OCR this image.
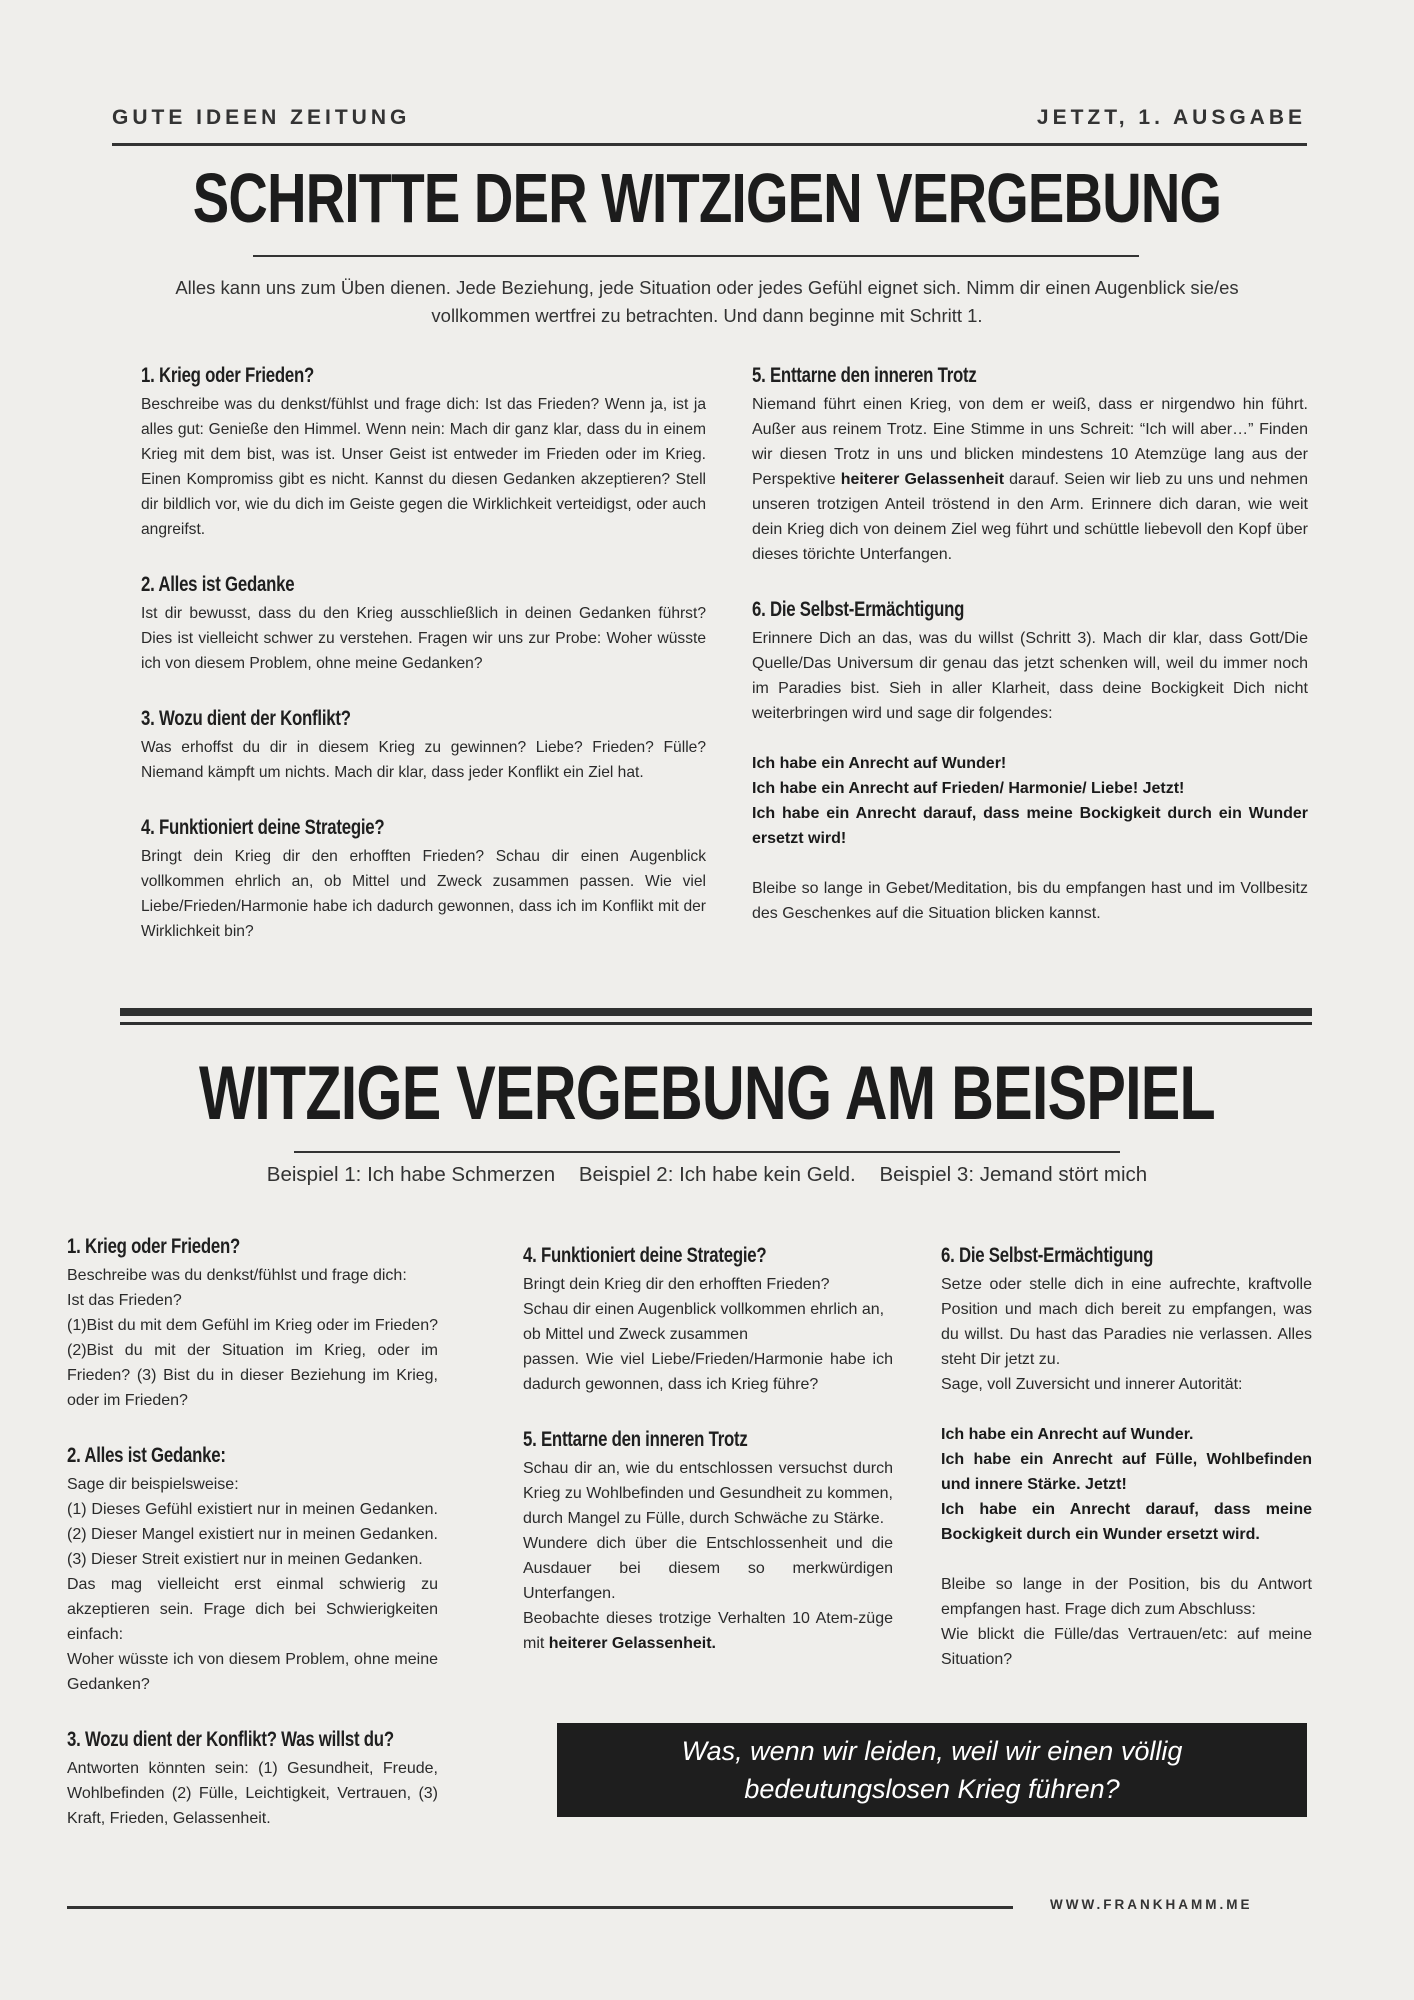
GUTE IDEEN ZEITUNG	JETZT, 1. AUSGABE
SCHRITTE DER WITZIGEN VERGEBUNG
Alles kann uns zum Üben dienen. Jede Beziehung, jede Situation oder jedes Gefühl eignet sich. Nimm dir einen Augenblick sie/es vollkommen wertfrei zu betrachten. Und dann beginne mit Schritt 1.
1. Krieg oder Frieden?

Beschreibe was du denkst/fühlst und frage dich: Ist das Frieden? Wenn ja, ist ja alles gut: Genieße den Himmel. Wenn nein: Mach dir ganz klar, dass du in einem Krieg mit dem bist, was ist. Unser Geist ist entweder im Frieden oder im Krieg. Einen Kompromiss gibt es nicht. Kannst du diesen Gedanken akzeptieren? Stell dir bildlich vor, wie du dich im Geiste gegen die Wirklichkeit verteidigst, oder auch angreifst.

2. Alles ist Gedanke

Ist dir bewusst, dass du den Krieg ausschließlich in deinen Gedanken führst? Dies ist vielleicht schwer zu verstehen. Fragen wir uns zur Probe: Woher wüsste ich von diesem Problem, ohne meine Gedanken?

3. Wozu dient der Konflikt?

Was erhoffst du dir in diesem Krieg zu gewinnen? Liebe? Frieden? Fülle? Niemand kämpft um nichts. Mach dir klar, dass jeder Konflikt ein Ziel hat.

4. Funktioniert deine Strategie?

Bringt dein Krieg dir den erhofften Frieden? Schau dir einen Augenblick vollkommen ehrlich an, ob Mittel und Zweck zusammen passen. Wie viel Liebe/Frieden/Harmonie habe ich dadurch gewonnen, dass ich im Konflikt mit der Wirklichkeit bin?

5. Enttarne den inneren Trotz

Niemand führt einen Krieg, von dem er weiß, dass er nirgendwo hin führt. Außer aus reinem Trotz. Eine Stimme in uns Schreit: “Ich will aber…” Finden wir diesen Trotz in uns und blicken mindestens 10 Atemzüge lang aus der Perspektive heiterer Gelassenheit darauf. Seien wir lieb zu uns und nehmen unseren trotzigen Anteil tröstend in den Arm. Erinnere dich daran, wie weit dein Krieg dich von deinem Ziel weg führt und schüttle liebevoll den Kopf über dieses törichte Unterfangen.

6. Die Selbst-Ermächtigung

Erinnere Dich an das, was du willst (Schritt 3). Mach dir klar, dass Gott/Die Quelle/Das Universum dir genau das jetzt schenken will, weil du immer noch im Paradies bist. Sieh in aller Klarheit, dass deine Bockigkeit Dich nicht weiterbringen wird und sage dir folgendes:

Ich habe ein Anrecht auf Wunder!

Ich habe ein Anrecht auf Frieden/ Harmonie/ Liebe! Jetzt!

Ich habe ein Anrecht darauf, dass meine Bockigkeit durch ein Wunder ersetzt wird!

Bleibe so lange in Gebet/Meditation, bis du empfangen hast und im Vollbesitz des Geschenkes auf die Situation blicken kannst.

WITZIGE VERGEBUNG AM BEISPIEL
Beispiel 1: Ich habe Schmerzen Beispiel 2: Ich habe kein Geld. Beispiel 3: Jemand stört mich
1. Krieg oder Frieden?

Beschreibe was du denkst/fühlst und frage dich:

Ist das Frieden?

(1)Bist du mit dem Gefühl im Krieg oder im Frieden? (2)Bist du mit der Situation im Krieg, oder im Frieden? (3) Bist du in dieser Beziehung im Krieg, oder im Frieden?

2. Alles ist Gedanke:

Sage dir beispielsweise:

(1) Dieses Gefühl existiert nur in meinen Gedanken.(2) Dieser Mangel existiert nur in meinen Gedanken. (3) Dieser Streit existiert nur in meinen Gedanken.

Das mag vielleicht erst einmal schwierig zu akzeptieren sein. Frage dich bei Schwierigkeiten einfach:

Woher wüsste ich von diesem Problem, ohne meine Gedanken?

3. Wozu dient der Konflikt? Was willst du?

Antworten könnten sein: (1) Gesundheit, Freude, Wohlbefinden (2) Fülle, Leichtigkeit, Vertrauen, (3) Kraft, Frieden, Gelassenheit.

4. Funktioniert deine Strategie?

Bringt dein Krieg dir den erhofften Frieden?

Schau dir einen Augenblick vollkommen ehrlich an, ob Mittel und Zweck zusammen

passen. Wie viel Liebe/Frieden/Harmonie habe ich dadurch gewonnen, dass ich Krieg führe?

5. Enttarne den inneren Trotz

Schau dir an, wie du entschlossen versuchst durch Krieg zu Wohlbefinden und Gesundheit zu kommen, durch Mangel zu Fülle, durch Schwäche zu Stärke.

Wundere dich über die Entschlossenheit und die Ausdauer bei diesem so merkwürdigen Unterfangen.

Beobachte dieses trotzige Verhalten 10 Atem-züge mit heiterer Gelassenheit.

6. Die Selbst-Ermächtigung

Setze oder stelle dich in eine aufrechte, kraftvolle Position und mach dich bereit zu empfangen, was du willst. Du hast das Paradies nie verlassen. Alles steht Dir jetzt zu.

Sage, voll Zuversicht und innerer Autorität:

Ich habe ein Anrecht auf Wunder.

Ich habe ein Anrecht auf Fülle, Wohlbefinden und innere Stärke. Jetzt!

Ich habe ein Anrecht darauf, dass meine Bockigkeit durch ein Wunder ersetzt wird.

Bleibe so lange in der Position, bis du Antwort empfangen hast. Frage dich zum Abschluss:

Wie blickt die Fülle/das Vertrauen/etc: auf meine Situation?

Was, wenn wir leiden, weil wir einen völlig bedeutungslosen Krieg führen?
WWW.FRANKHAMM.ME
